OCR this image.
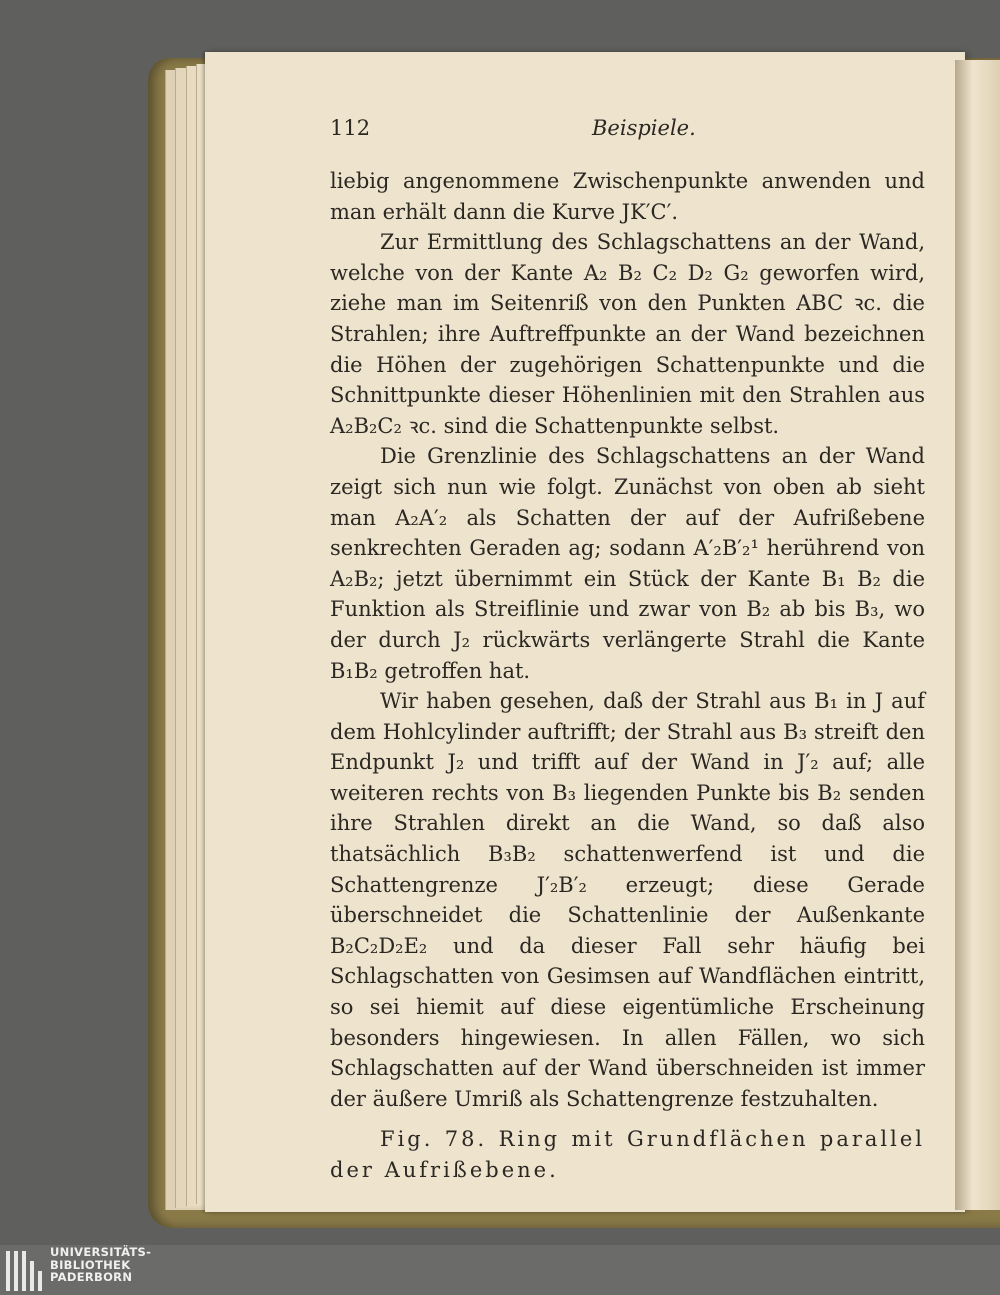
112	Beispiele.

liebig angenommene Zwischenpunkte anwenden und man erhält dann die Kurve JK′C′.

Zur Ermittlung des Schlagschattens an der Wand, welche von der Kante A₂ B₂ C₂ D₂ G₂ geworfen wird, ziehe man im Seitenriß von den Punkten ABC ꝛc. die Strahlen; ihre Auftreffpunkte an der Wand bezeichnen die Höhen der zugehörigen Schattenpunkte und die Schnittpunkte dieser Höhenlinien mit den Strahlen aus A₂B₂C₂ ꝛc. sind die Schattenpunkte selbst.

Die Grenzlinie des Schlagschattens an der Wand zeigt sich nun wie folgt. Zunächst von oben ab sieht man A₂A′₂ als Schatten der auf der Aufrißebene senkrechten Geraden ag; sodann A′₂B′₂¹ herührend von A₂B₂; jetzt übernimmt ein Stück der Kante B₁ B₂ die Funktion als Streiflinie und zwar von B₂ ab bis B₃, wo der durch J₂ rückwärts verlängerte Strahl die Kante B₁B₂ getroffen hat.

Wir haben gesehen, daß der Strahl aus B₁ in J auf dem Hohlcylinder auftrifft; der Strahl aus B₃ streift den Endpunkt J₂ und trifft auf der Wand in J′₂ auf; alle weiteren rechts von B₃ liegenden Punkte bis B₂ senden ihre Strahlen direkt an die Wand, so daß also thatsächlich B₃B₂ schattenwerfend ist und die Schattengrenze J′₂B′₂ erzeugt; diese Gerade überschneidet die Schattenlinie der Außenkante B₂C₂D₂E₂ und da dieser Fall sehr häufig bei Schlagschatten von Gesimsen auf Wandflächen eintritt, so sei hiemit auf diese eigentümliche Erscheinung besonders hingewiesen. In allen Fällen, wo sich Schlagschatten auf der Wand überschneiden ist immer der äußere Umriß als Schattengrenze festzuhalten.

Fig. 78. Ring mit Grundflächen parallel der Aufrißebene.

UNIVERSITÄTS-
BIBLIOTHEK
PADERBORN
